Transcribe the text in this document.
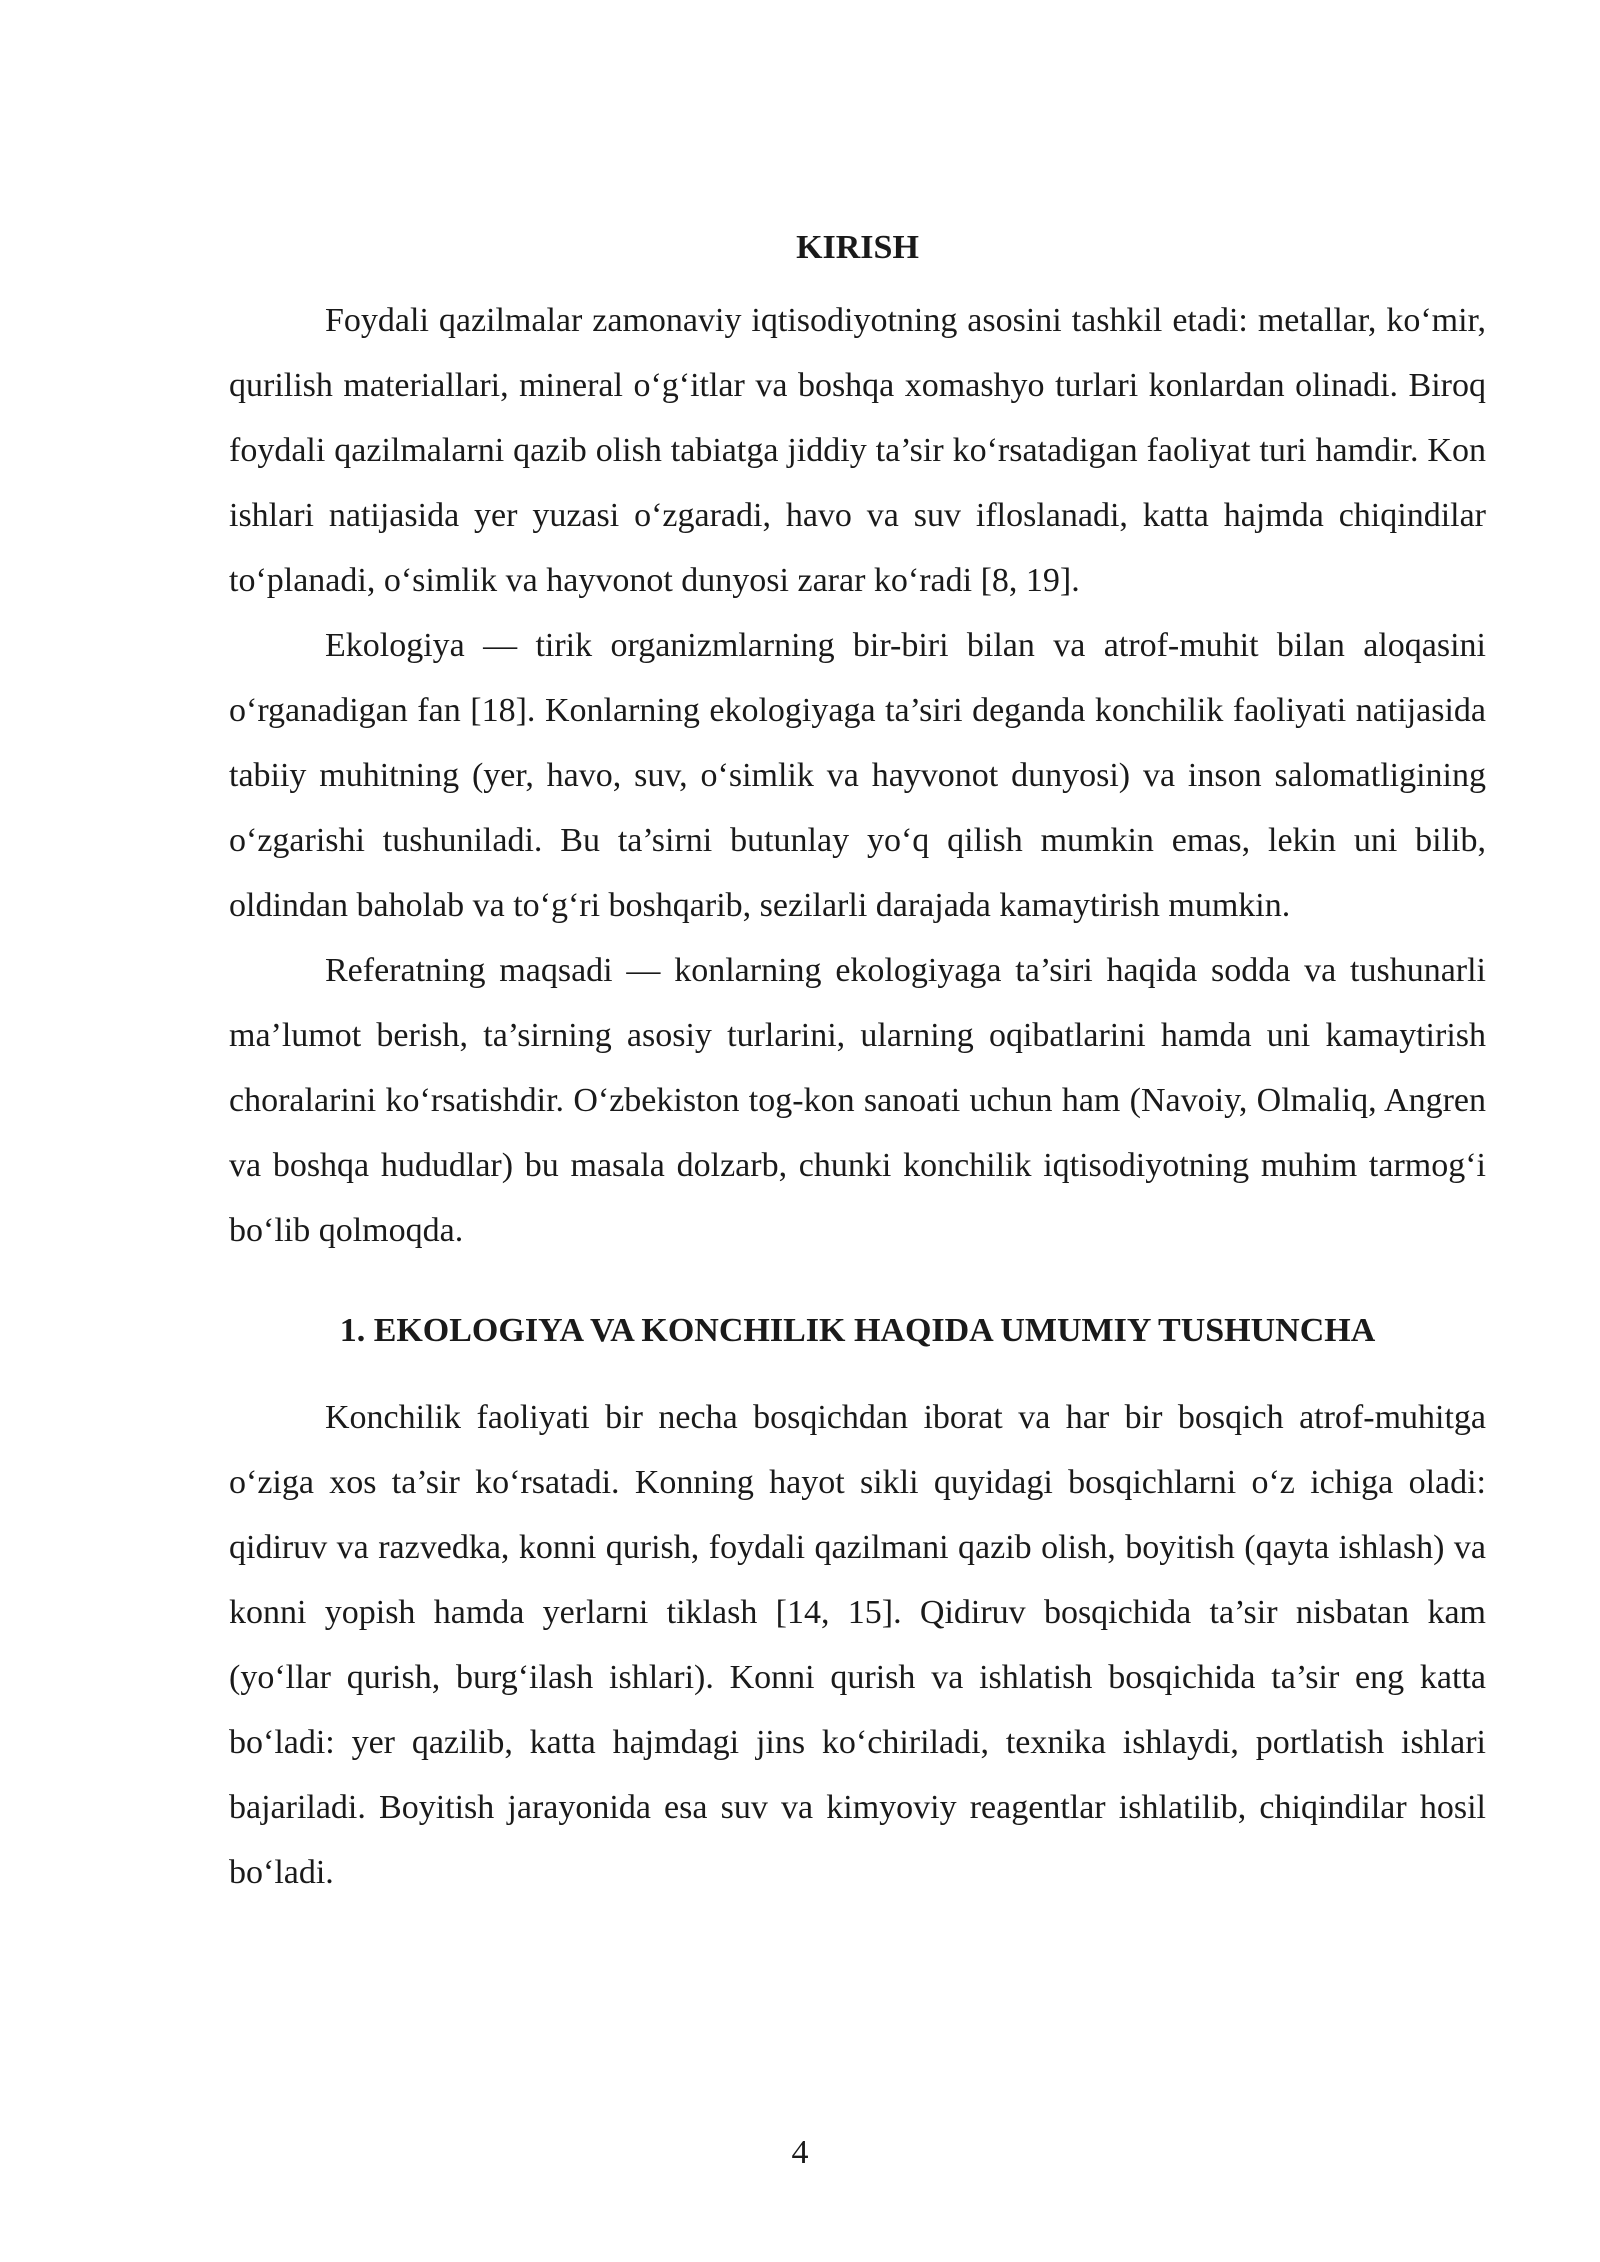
KIRISH

Foydali qazilmalar zamonaviy iqtisodiyotning asosini tashkil etadi: metallar, ko‘mir, qurilish materiallari, mineral o‘g‘itlar va boshqa xomashyo turlari konlardan olinadi. Biroq foydali qazilmalarni qazib olish tabiatga jiddiy ta’sir ko‘rsatadigan faoliyat turi hamdir. Kon ishlari natijasida yer yuzasi o‘zgaradi, havo va suv ifloslanadi, katta hajmda chiqindilar to‘planadi, o‘simlik va hayvonot dunyosi zarar ko‘radi [8, 19].

Ekologiya — tirik organizmlarning bir-biri bilan va atrof-muhit bilan aloqasini o‘rganadigan fan [18]. Konlarning ekologiyaga ta’siri deganda konchilik faoliyati natijasida tabiiy muhitning (yer, havo, suv, o‘simlik va hayvonot dunyosi) va inson salomatligining o‘zgarishi tushuniladi. Bu ta’sirni butunlay yo‘q qilish mumkin emas, lekin uni bilib, oldindan baholab va to‘g‘ri boshqarib, sezilarli darajada kamaytirish mumkin.

Referatning maqsadi — konlarning ekologiyaga ta’siri haqida sodda va tushunarli ma’lumot berish, ta’sirning asosiy turlarini, ularning oqibatlarini hamda uni kamaytirish choralarini ko‘rsatishdir. O‘zbekiston tog-kon sanoati uchun ham (Navoiy, Olmaliq, Angren va boshqa hududlar) bu masala dolzarb, chunki konchilik iqtisodiyotning muhim tarmog‘i bo‘lib qolmoqda.

1. EKOLOGIYA VA KONCHILIK HAQIDA UMUMIY TUSHUNCHA

Konchilik faoliyati bir necha bosqichdan iborat va har bir bosqich atrof-muhitga o‘ziga xos ta’sir ko‘rsatadi. Konning hayot sikli quyidagi bosqichlarni o‘z ichiga oladi: qidiruv va razvedka, konni qurish, foydali qazilmani qazib olish, boyitish (qayta ishlash) va konni yopish hamda yerlarni tiklash [14, 15]. Qidiruv bosqichida ta’sir nisbatan kam (yo‘llar qurish, burg‘ilash ishlari). Konni qurish va ishlatish bosqichida ta’sir eng katta bo‘ladi: yer qazilib, katta hajmdagi jins ko‘chiriladi, texnika ishlaydi, portlatish ishlari bajariladi. Boyitish jarayonida esa suv va kimyoviy reagentlar ishlatilib, chiqindilar hosil bo‘ladi.

4
